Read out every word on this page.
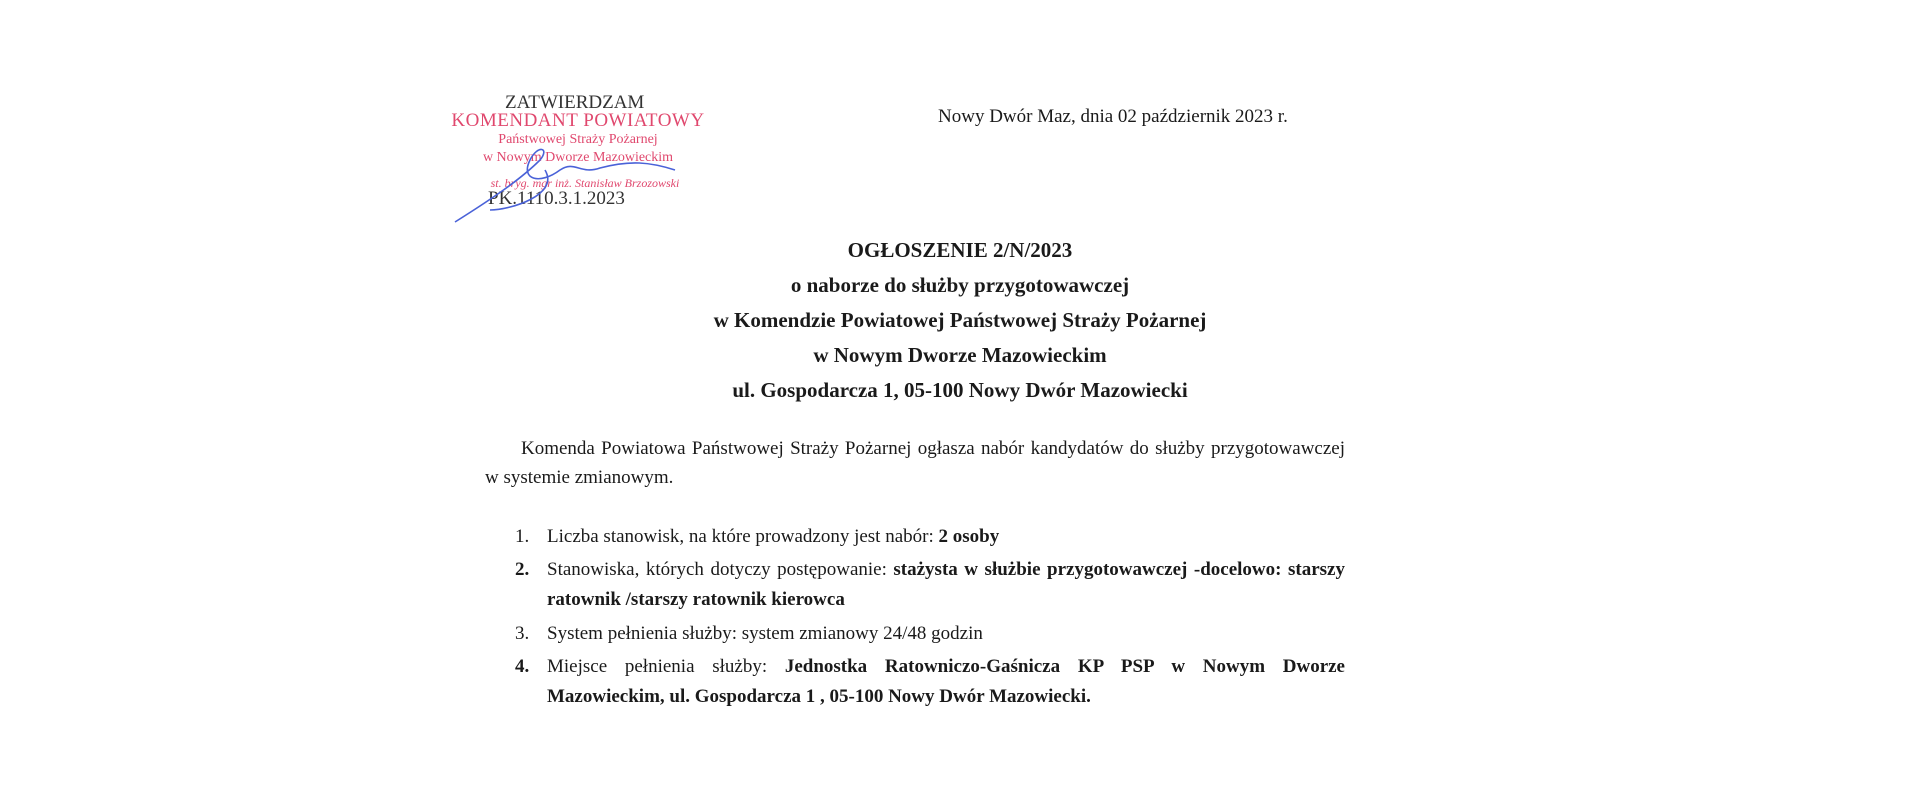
ZATWIERDZAM
KOMENDANT POWIATOWY
Państwowej Straży Pożarnej
w Nowym Dworze Mazowieckim
st. bryg. mgr inż. Stanisław Brzozowski
PK.1110.3.1.2023
Nowy Dwór Maz, dnia 02 październik 2023 r.
OGŁOSZENIE 2/N/2023
o naborze do służby przygotowawczej
w Komendzie Powiatowej Państwowej Straży Pożarnej
w Nowym Dworze Mazowieckim
ul. Gospodarcza 1, 05-100 Nowy Dwór Mazowiecki
Komenda Powiatowa Państwowej Straży Pożarnej ogłasza nabór kandydatów do służby przygotowawczej w systemie zmianowym.
1. Liczba stanowisk, na które prowadzony jest nabór: 2 osoby
2. Stanowiska, których dotyczy postępowanie: stażysta w służbie przygotowawczej -docelowo: starszy ratownik /starszy ratownik kierowca
3. System pełnienia służby: system zmianowy 24/48 godzin
4. Miejsce pełnienia służby: Jednostka Ratowniczo-Gaśnicza KP PSP w Nowym Dworze Mazowieckim, ul. Gospodarcza 1 , 05-100 Nowy Dwór Mazowiecki.
